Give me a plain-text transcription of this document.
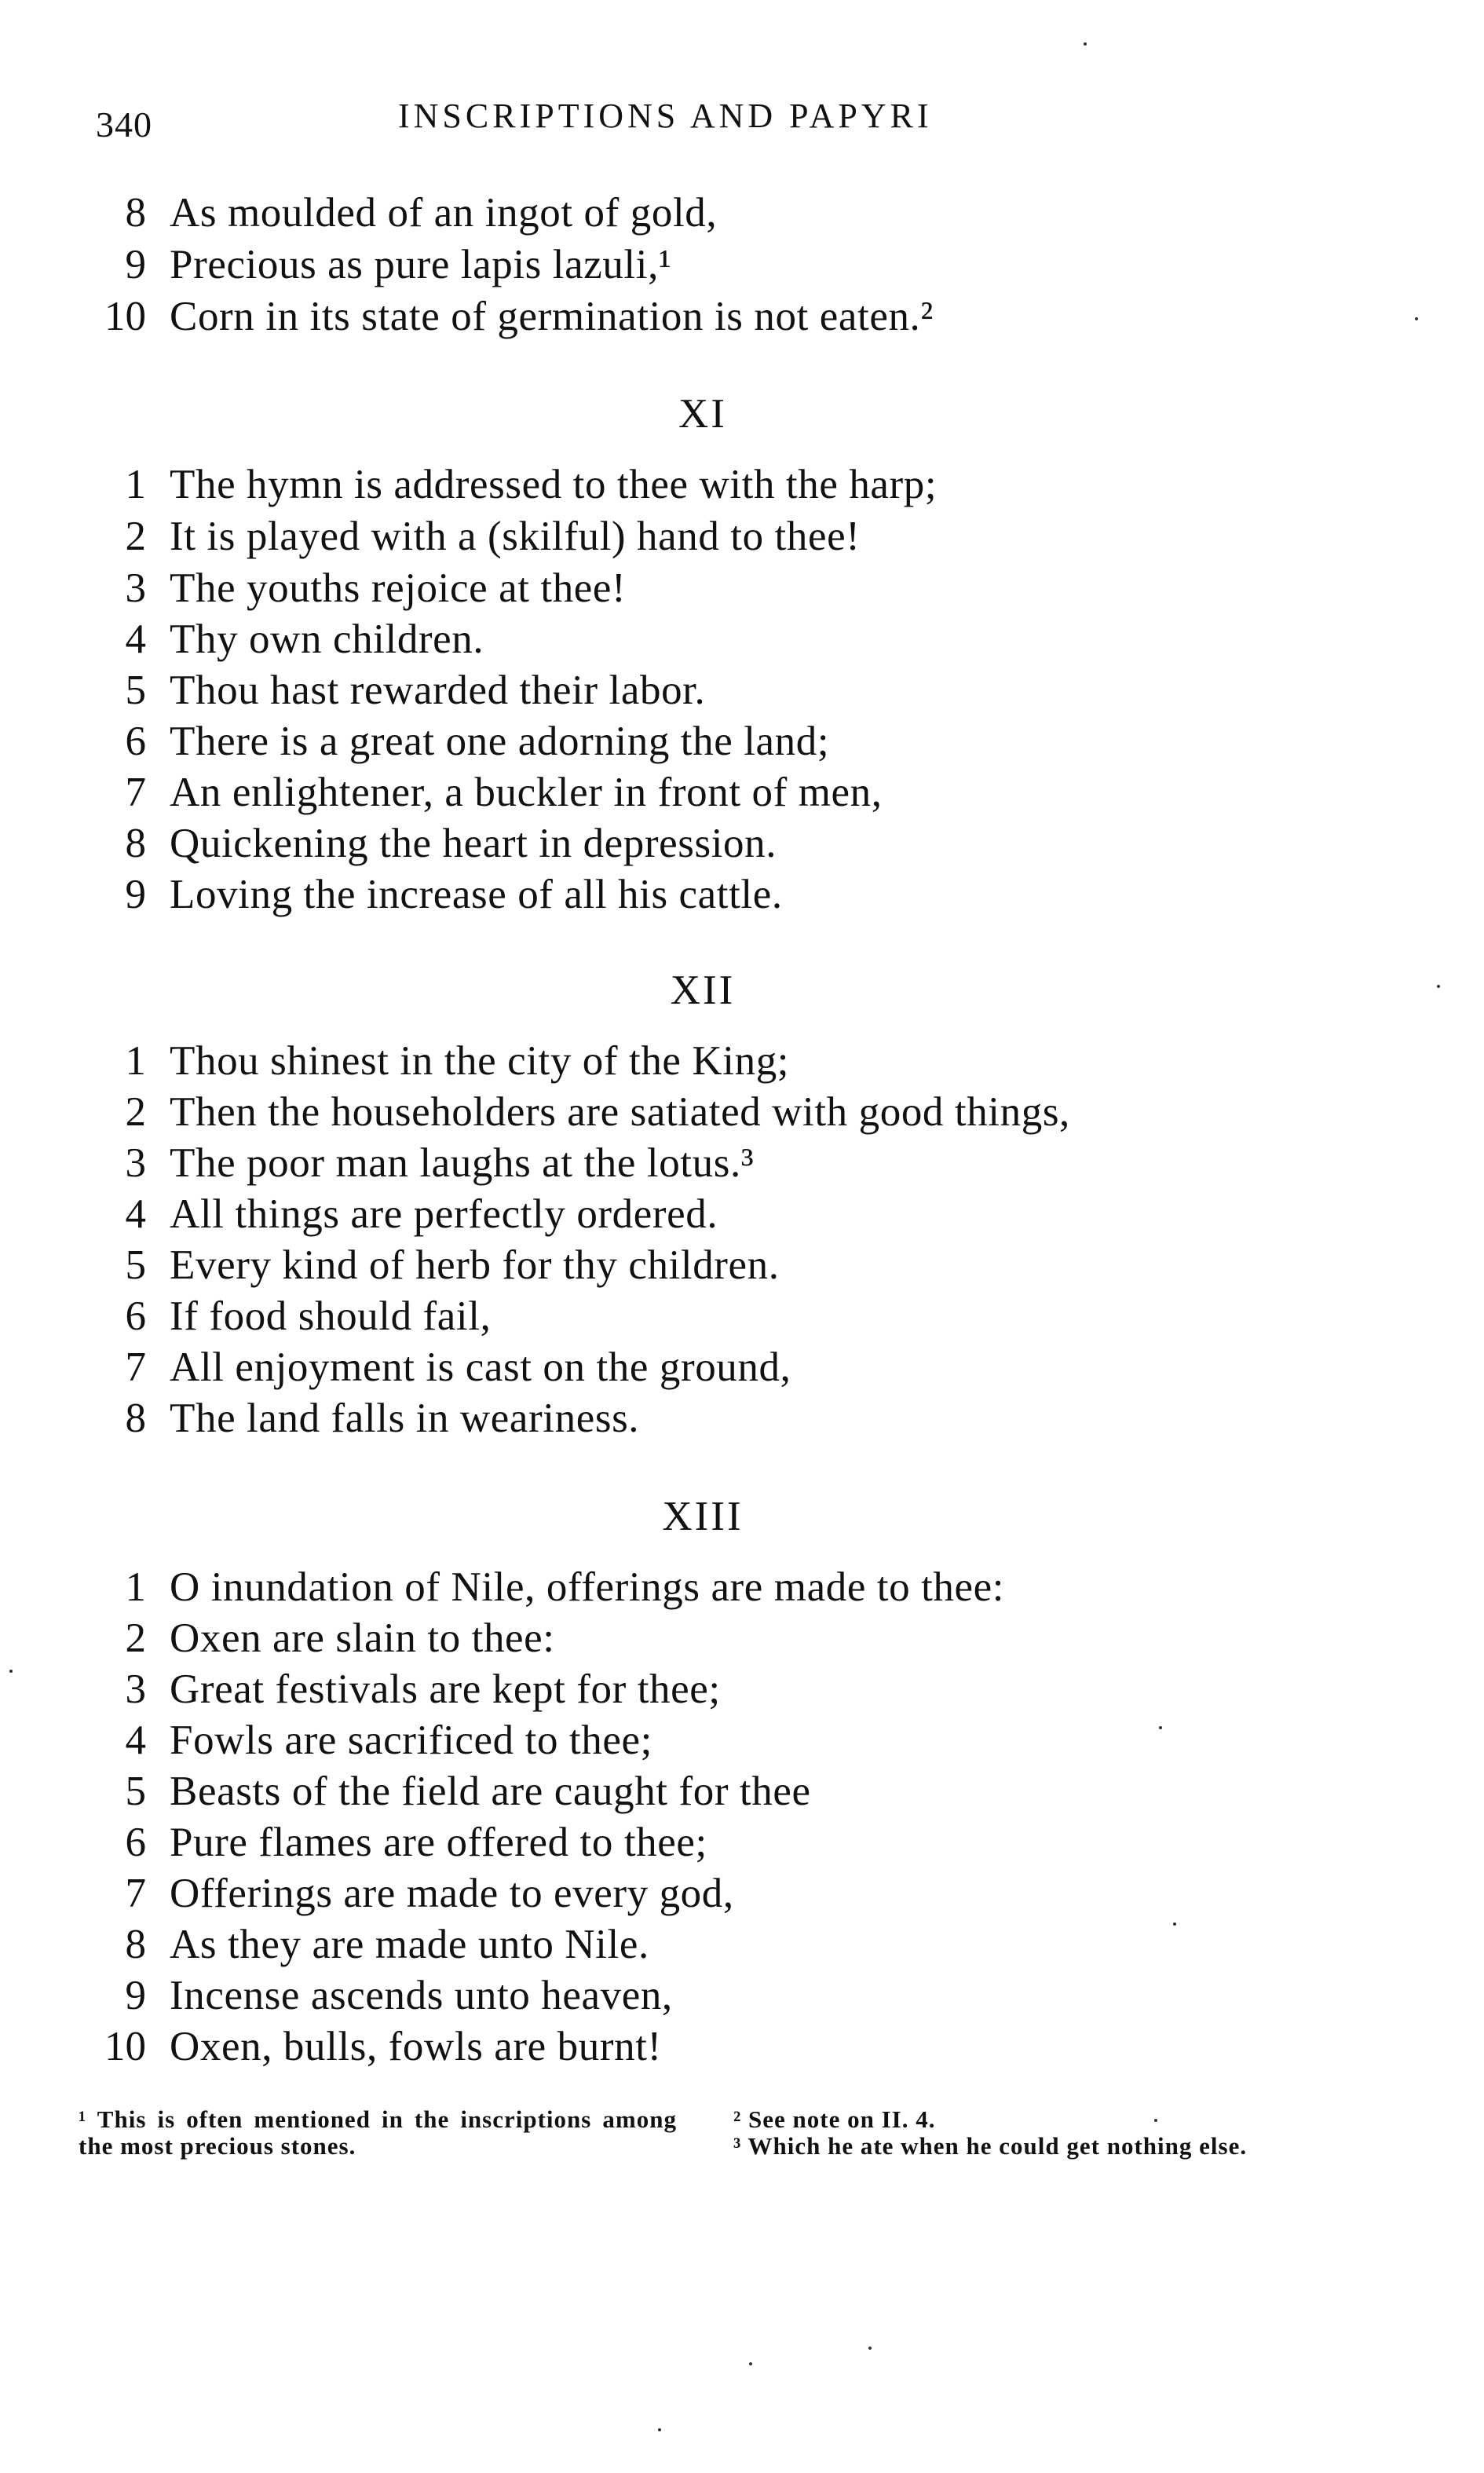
340	INSCRIPTIONS AND PAPYRI
8 As moulded of an ingot of gold,
9 Precious as pure lapis lazuli,¹
10 Corn in its state of germination is not eaten.²
XI
1 The hymn is addressed to thee with the harp;
2 It is played with a (skilful) hand to thee!
3 The youths rejoice at thee!
4 Thy own children.
5 Thou hast rewarded their labor.
6 There is a great one adorning the land;
7 An enlightener, a buckler in front of men,
8 Quickening the heart in depression.
9 Loving the increase of all his cattle.
XII
1 Thou shinest in the city of the King;
2 Then the householders are satiated with good things,
3 The poor man laughs at the lotus.³
4 All things are perfectly ordered.
5 Every kind of herb for thy children.
6 If food should fail,
7 All enjoyment is cast on the ground,
8 The land falls in weariness.
XIII
1 O inundation of Nile, offerings are made to thee:
2 Oxen are slain to thee:
3 Great festivals are kept for thee;
4 Fowls are sacrificed to thee;
5 Beasts of the field are caught for thee
6 Pure flames are offered to thee;
7 Offerings are made to every god,
8 As they are made unto Nile.
9 Incense ascends unto heaven,
10 Oxen, bulls, fowls are burnt!

¹ This is often mentioned in the inscriptions among the most precious stones.

² See note on II. 4.

³ Which he ate when he could get nothing else.
